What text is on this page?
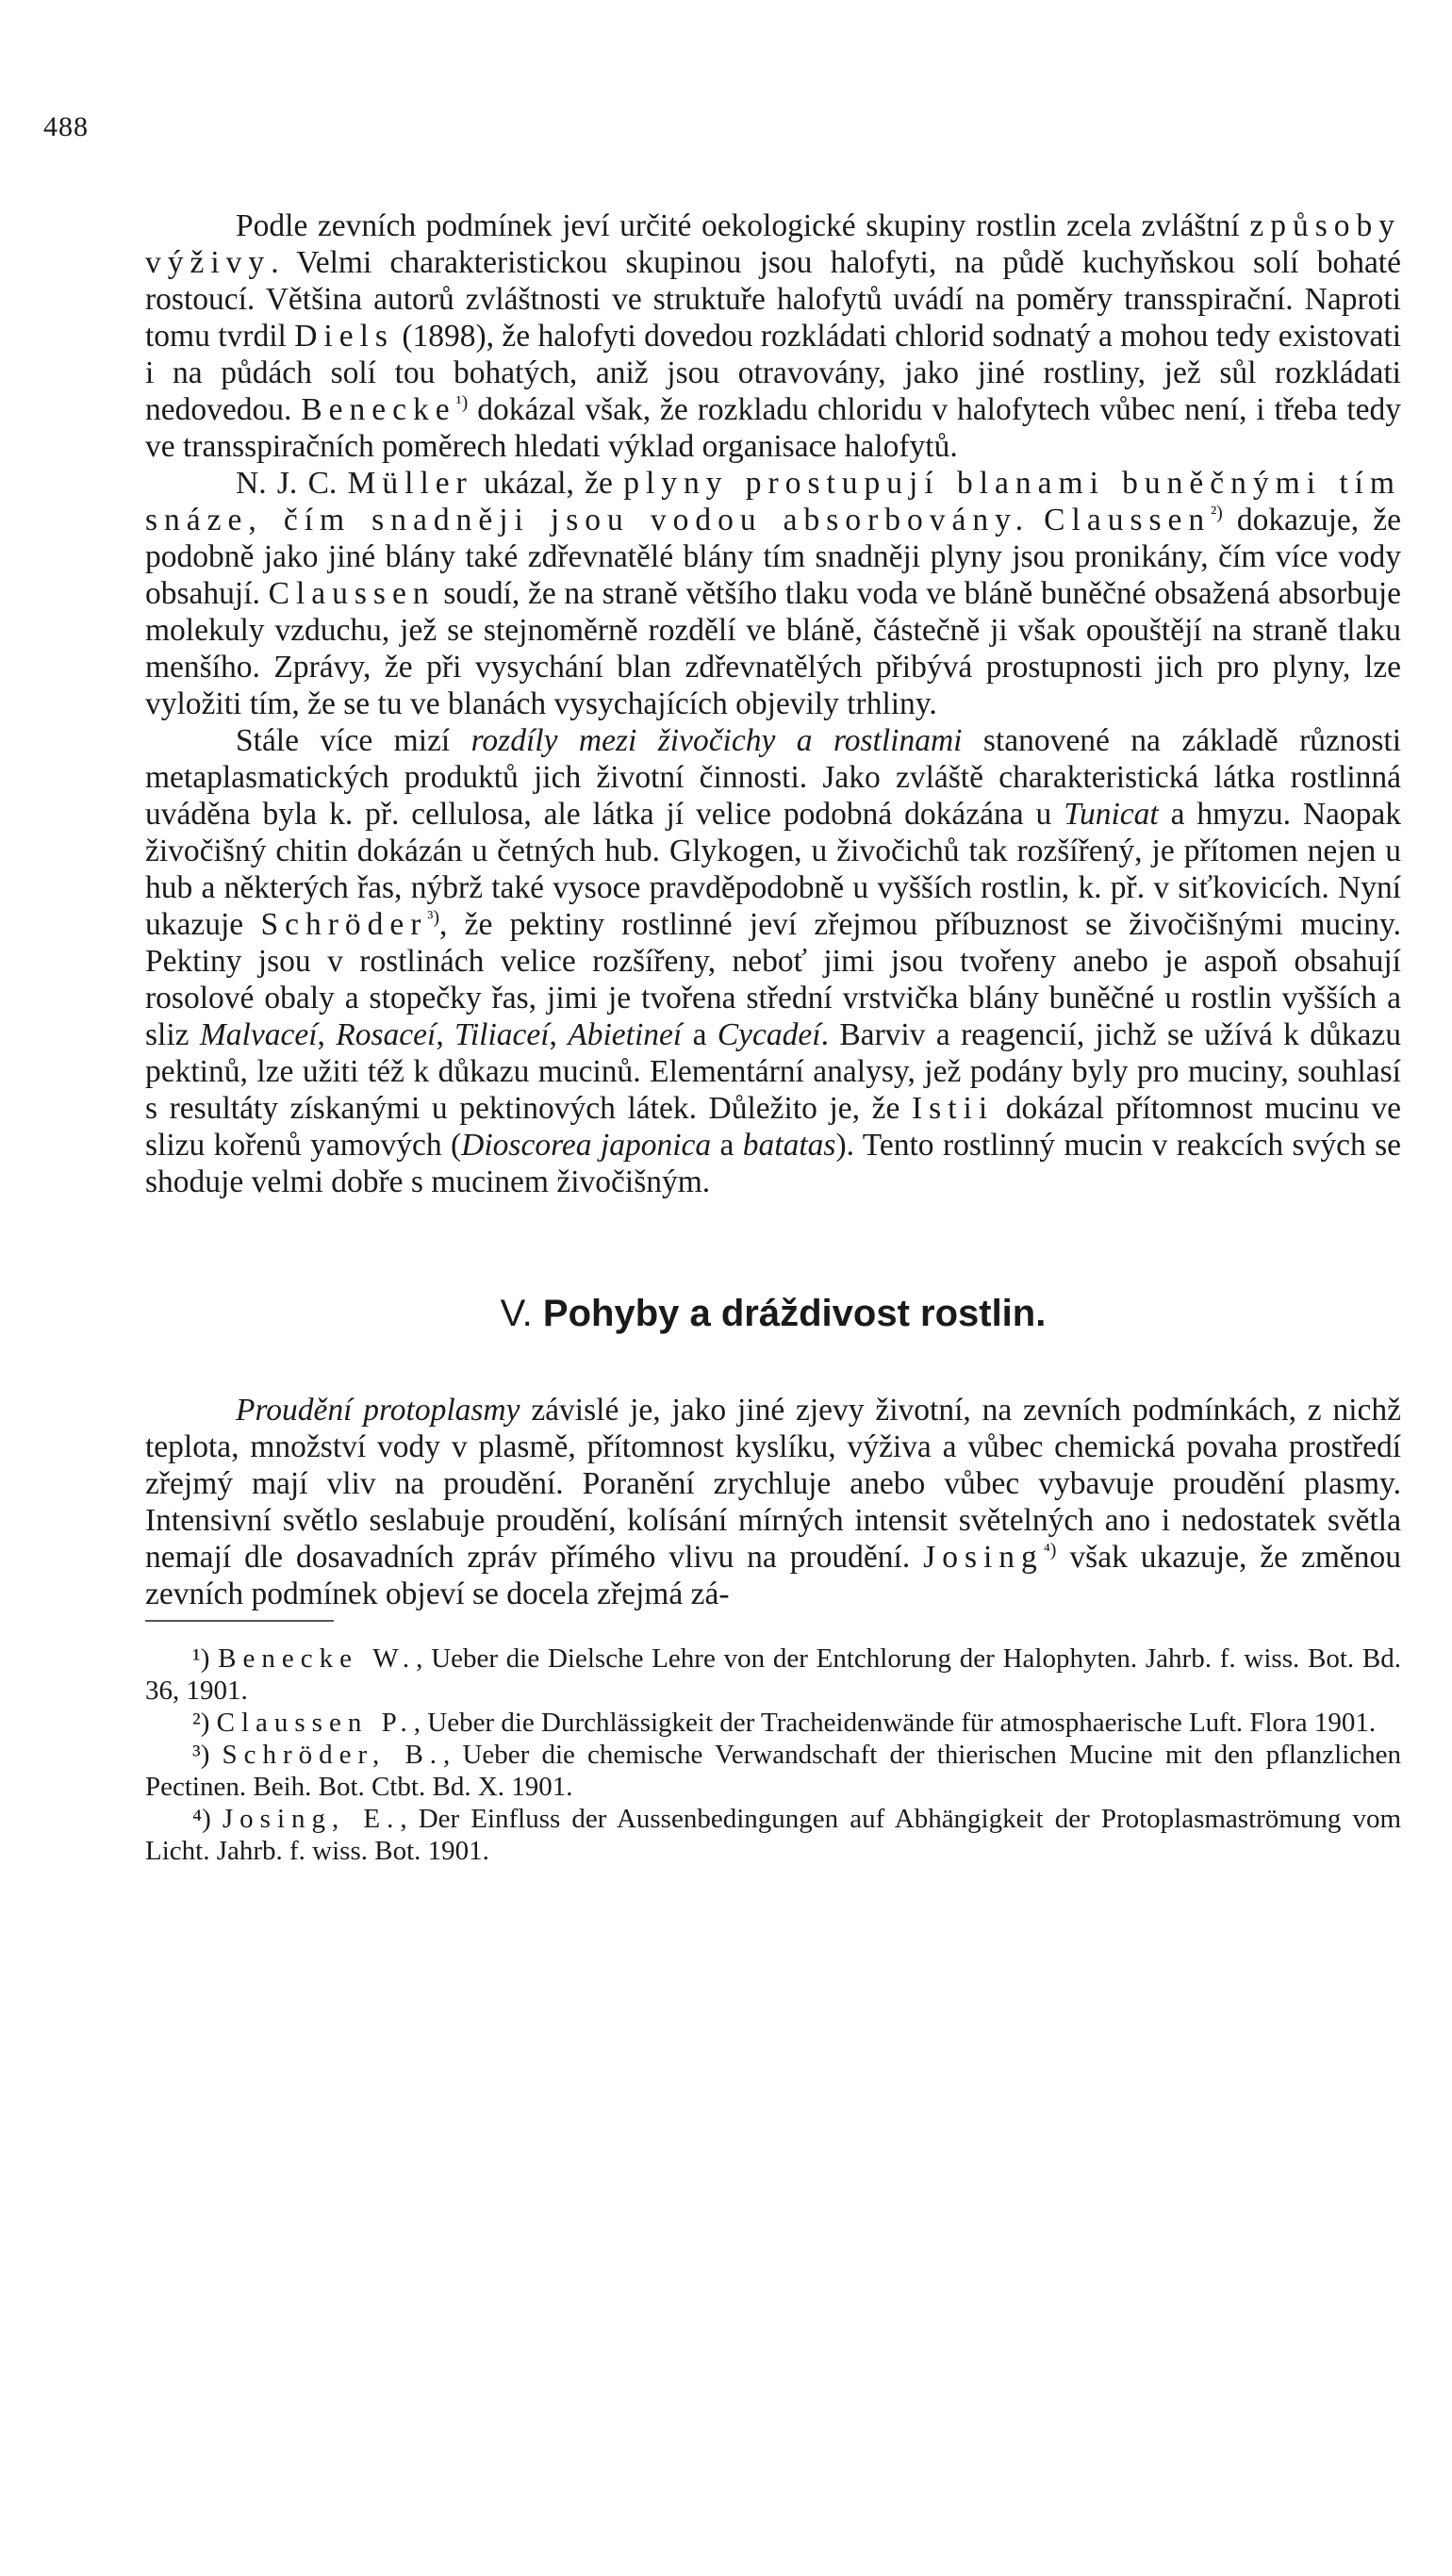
488

Podle zevních podmínek jeví určité oekologické skupiny rostlin zcela zvláštní způsoby výživy. Velmi charakteristickou skupinou jsou halofyti, na půdě kuchyňskou solí bohaté rostoucí. Většina autorů zvláštnosti ve struktuře halofytů uvádí na poměry transspirační. Naproti tomu tvrdil Diels (1898), že halofyti dovedou rozkládati chlorid sodnatý a mohou tedy existovati i na půdách solí tou bohatých, aniž jsou otravovány, jako jiné rostliny, jež sůl rozkládati nedovedou. Benecke$^{^1)}$ dokázal však, že rozkladu chloridu v halofytech vůbec není, i třeba tedy ve transspiračních poměrech hledati výklad organisace halofytů.

N. J. C. Müller ukázal, že plyny prostupují blanami buněčnými tím snáze, čím snadněji jsou vodou absorbovány. Claussen$^{^2)}$ dokazuje, že podobně jako jiné blány také zdřevnatělé blány tím snadněji plyny jsou pronikány, čím více vody obsahují. Claussen soudí, že na straně většího tlaku voda ve bláně buněčné obsažená absorbuje molekuly vzduchu, jež se stejnoměrně rozdělí ve bláně, částečně ji však opouštějí na straně tlaku menšího. Zprávy, že při vysychání blan zdřevnatělých přibývá prostupnosti jich pro plyny, lze vyložiti tím, že se tu ve blanách vysychajících objevily trhliny.

Stále více mizí rozdíly mezi živočichy a rostlinami stanovené na základě různosti metaplasmatických produktů jich životní činnosti. Jako zvláště charakteristická látka rostlinná uváděna byla k. př. cellulosa, ale látka jí velice podobná dokázána u Tunicat a hmyzu. Naopak živočišný chitin dokázán u četných hub. Glykogen, u živočichů tak rozšířený, je přítomen nejen u hub a některých řas, nýbrž také vysoce pravděpodobně u vyšších rostlin, k. př. v siťkovicích. Nyní ukazuje Schröder$^{^3)}$, že pektiny rostlinné jeví zřejmou příbuznost se živočišnými muciny. Pektiny jsou v rostlinách velice rozšířeny, neboť jimi jsou tvořeny anebo je aspoň obsahují rosolové obaly a stopečky řas, jimi je tvořena střední vrstvička blány buněčné u rostlin vyšších a sliz Malvaceí, Rosaceí, Tiliaceí, Abietineí a Cycadeí. Barviv a reagencií, jichž se užívá k důkazu pektinů, lze užiti též k důkazu mucinů. Elementární analysy, jež podány byly pro muciny, souhlasí s resultáty získanými u pektinových látek. Důležito je, že Istii dokázal přítomnost mucinu ve slizu kořenů yamových (Dioscorea japonica a batatas). Tento rostlinný mucin v reakcích svých se shoduje velmi dobře s mucinem živočišným.

V. Pohyby a dráždivost rostlin.

Proudění protoplasmy závislé je, jako jiné zjevy životní, na zevních podmínkách, z nichž teplota, množství vody v plasmě, přítomnost kyslíku, výživa a vůbec chemická povaha prostředí zřejmý mají vliv na proudění. Poranění zrychluje anebo vůbec vybavuje proudění plasmy. Intensivní světlo seslabuje proudění, kolísání mírných intensit světelných ano i nedostatek světla nemají dle dosavadních zpráv přímého vlivu na proudění. Josing$^{^4)}$ však ukazuje, že změnou zevních podmínek objeví se docela zřejmá zá-

¹) Benecke W., Ueber die Dielsche Lehre von der Entchlorung der Halophyten. Jahrb. f. wiss. Bot. Bd. 36, 1901.

²) Claussen P., Ueber die Durchlässigkeit der Tracheidenwände für atmosphaerische Luft. Flora 1901.

³) Schröder, B., Ueber die chemische Verwandschaft der thierischen Mucine mit den pflanzlichen Pectinen. Beih. Bot. Ctbt. Bd. X. 1901.

⁴) Josing, E., Der Einfluss der Aussenbedingungen auf Abhängigkeit der Protoplasmaströmung vom Licht. Jahrb. f. wiss. Bot. 1901.
